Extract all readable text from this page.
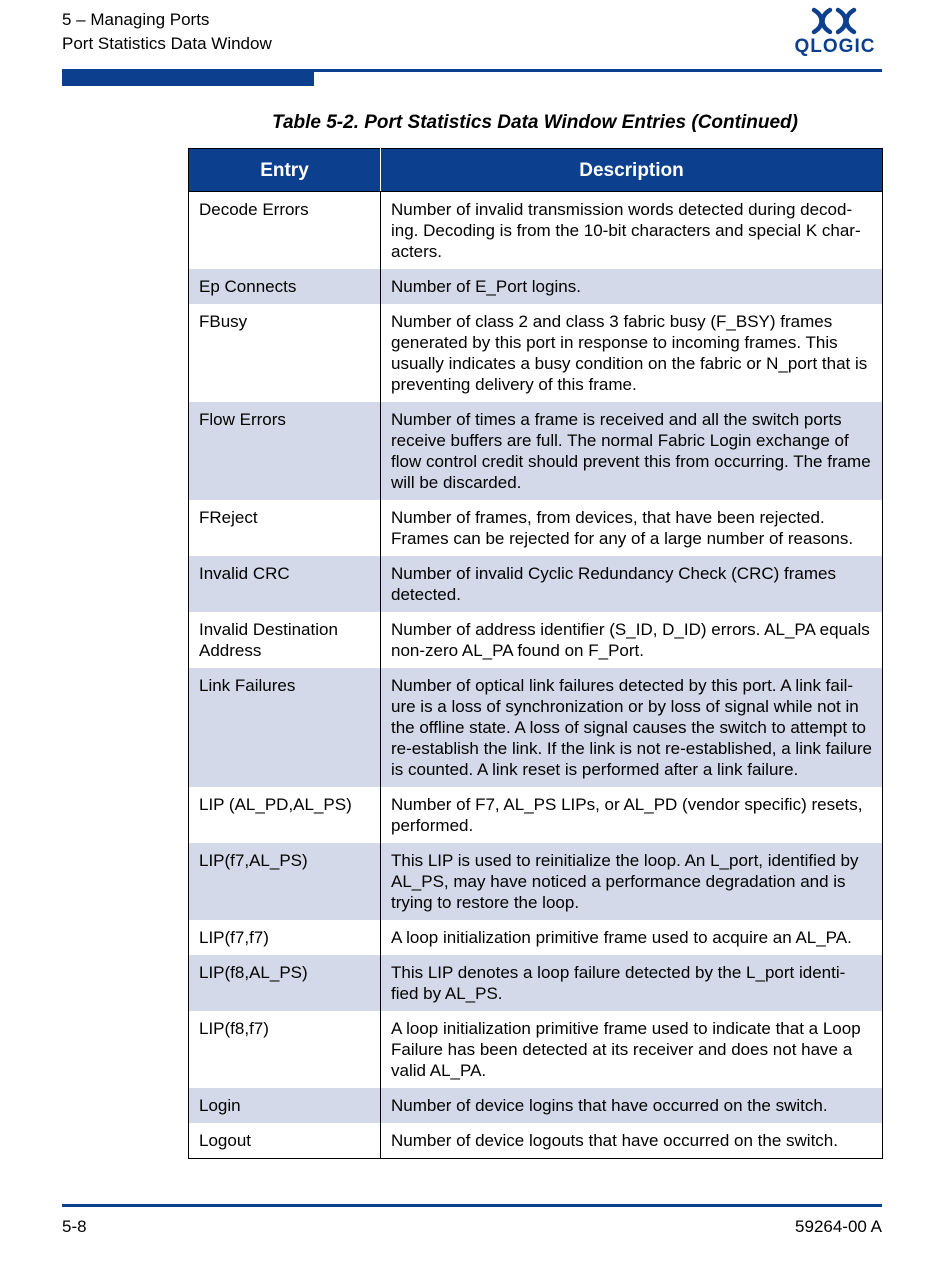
5 – Managing Ports
Port Statistics Data Window	QLOGIC
Table 5-2. Port Statistics Data Window Entries (Continued)
Entry	Description
Decode Errors	Number of invalid transmission words detected during decod-ing. Decoding is from the 10-bit characters and special K char-acters.
Ep Connects	Number of E_Port logins.
FBusy	Number of class 2 and class 3 fabric busy (F_BSY) frames generated by this port in response to incoming frames. This usually indicates a busy condition on the fabric or N_port that is preventing delivery of this frame.
Flow Errors	Number of times a frame is received and all the switch ports receive buffers are full. The normal Fabric Login exchange of flow control credit should prevent this from occurring. The frame will be discarded.
FReject	Number of frames, from devices, that have been rejected. Frames can be rejected for any of a large number of reasons.
Invalid CRC	Number of invalid Cyclic Redundancy Check (CRC) frames detected.
Invalid Destination Address	Number of address identifier (S_ID, D_ID) errors. AL_PA equals non-zero AL_PA found on F_Port.
Link Failures	Number of optical link failures detected by this port. A link fail-ure is a loss of synchronization or by loss of signal while not in the offline state. A loss of signal causes the switch to attempt to re-establish the link. If the link is not re-established, a link failure is counted. A link reset is performed after a link failure.
LIP (AL_PD,AL_PS)	Number of F7, AL_PS LIPs, or AL_PD (vendor specific) resets, performed.
LIP(f7,AL_PS)	This LIP is used to reinitialize the loop. An L_port, identified by AL_PS, may have noticed a performance degradation and is trying to restore the loop.
LIP(f7,f7)	A loop initialization primitive frame used to acquire an AL_PA.
LIP(f8,AL_PS)	This LIP denotes a loop failure detected by the L_port identi-fied by AL_PS.
LIP(f8,f7)	A loop initialization primitive frame used to indicate that a Loop Failure has been detected at its receiver and does not have a valid AL_PA.
Login	Number of device logins that have occurred on the switch.
Logout	Number of device logouts that have occurred on the switch.
5-8	59264-00 A
